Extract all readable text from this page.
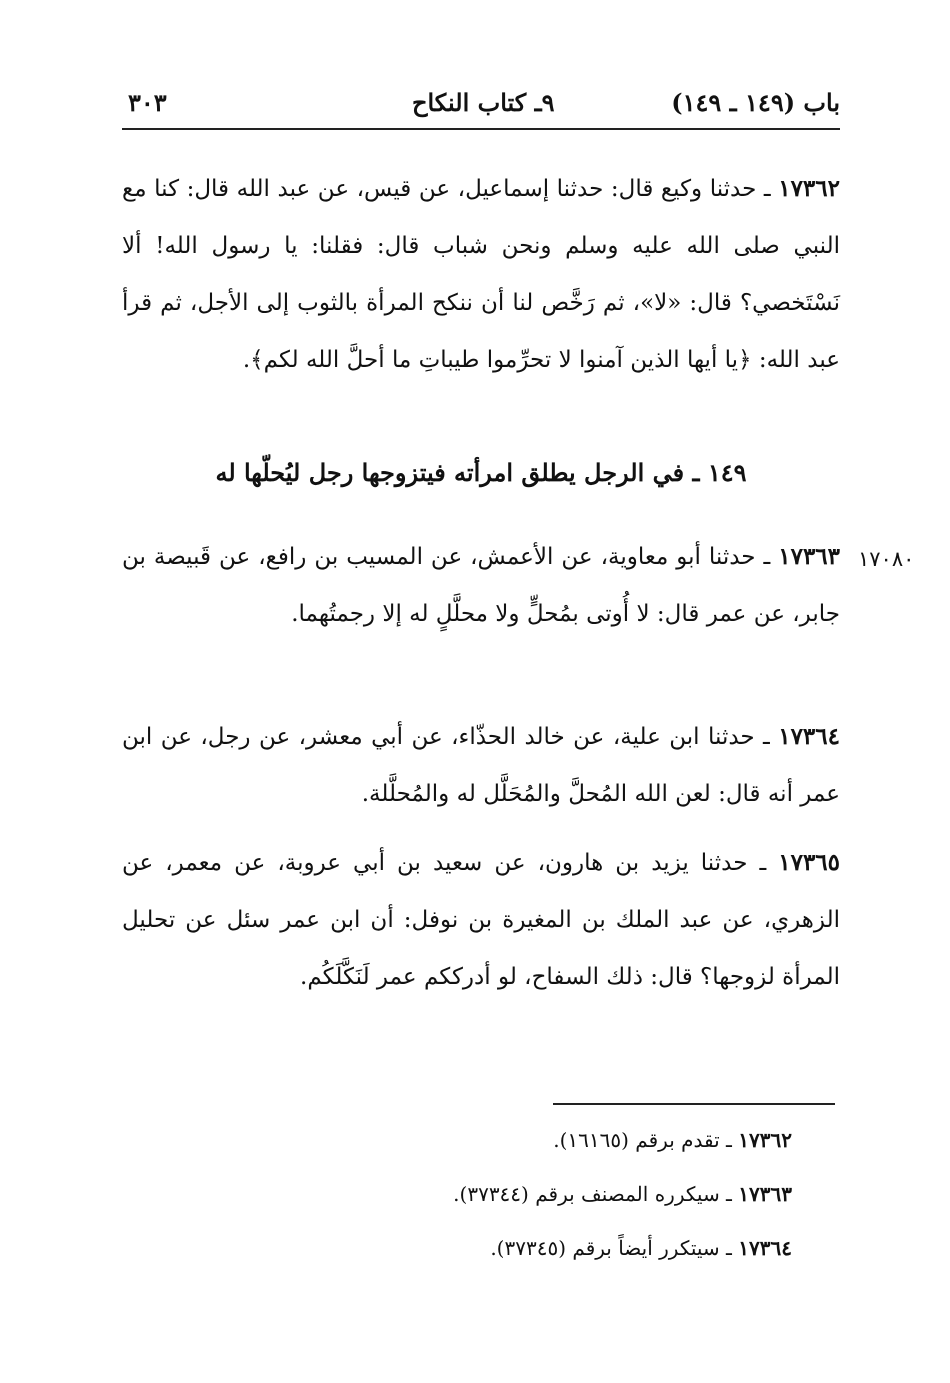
باب (١٤٩ ـ ١٤٩)
٩ـ كتاب النكاح
٣٠٣
١٧٣٦٢ ـ حدثنا وكيع قال: حدثنا إسماعيل، عن قيس، عن عبد الله قال: كنا مع النبي صلى الله عليه وسلم ونحن شباب قال: فقلنا: يا رسول الله! ألا نَسْتَخصي؟ قال: «لا»، ثم رَخَّص لنا أن ننكح المرأة بالثوب إلى الأجل، ثم قرأ عبد الله: ﴿يا أيها الذين آمنوا لا تحرِّموا طيباتِ ما أحلَّ الله لكم﴾.
١٤٩ ـ في الرجل يطلق امرأته فيتزوجها رجل ليُحلّها له
١٧٠٨٠
١٧٣٦٣ ـ حدثنا أبو معاوية، عن الأعمش، عن المسيب بن رافع، عن قَبيصة بن جابر، عن عمر قال: لا أُوتى بمُحلٍّ ولا محلَّلٍ له إلا رجمتُهما.
١٧٣٦٤ ـ حدثنا ابن علية، عن خالد الحذّاء، عن أبي معشر، عن رجل، عن ابن عمر أنه قال: لعن الله المُحلَّ والمُحَلَّل له والمُحلَّلة.
١٧٣٦٥ ـ حدثنا يزيد بن هارون، عن سعيد بن أبي عروبة، عن معمر، عن الزهري، عن عبد الملك بن المغيرة بن نوفل: أن ابن عمر سئل عن تحليل المرأة لزوجها؟ قال: ذلك السفاح، لو أدرككم عمر لَنَكَّلَكُم.
١٧٣٦٢ ـ تقدم برقم (١٦١٦٥).
١٧٣٦٣ ـ سيكرره المصنف برقم (٣٧٣٤٤).
١٧٣٦٤ ـ سيتكرر أيضاً برقم (٣٧٣٤٥).
